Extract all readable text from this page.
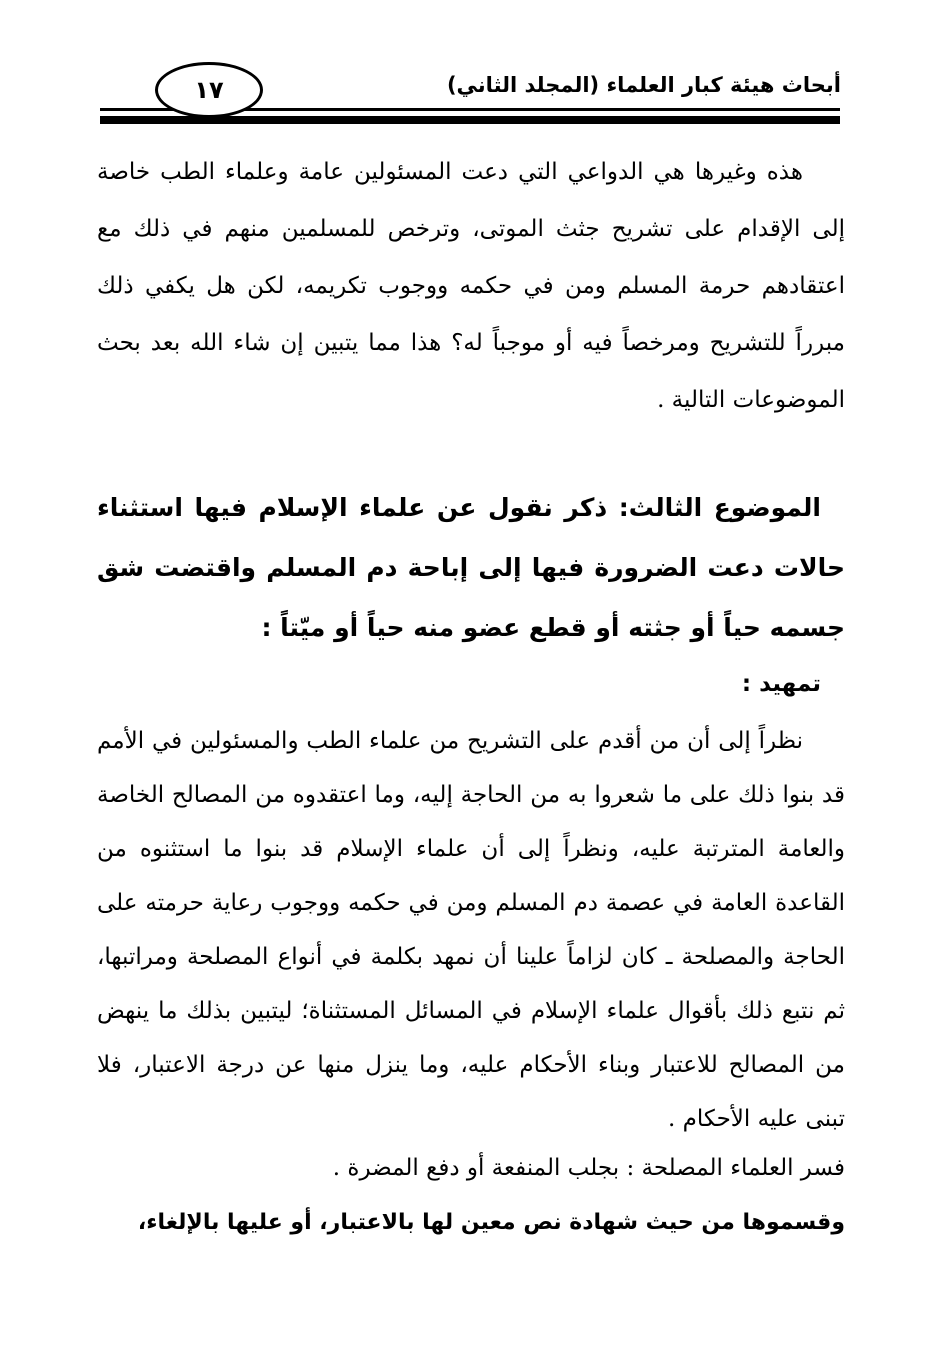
أبحاث هيئة كبار العلماء (المجلد الثاني)
١٧

هذه وغيرها هي الدواعي التي دعت المسئولين عامة وعلماء الطب خاصة إلى الإقدام على تشريح جثث الموتى، وترخص للمسلمين منهم في ذلك مع اعتقادهم حرمة المسلم ومن في حكمه ووجوب تكريمه، لكن هل يكفي ذلك مبرراً للتشريح ومرخصاً فيه أو موجباً له؟ هذا مما يتبين إن شاء الله بعد بحث الموضوعات التالية .

الموضوع الثالث: ذكر نقول عن علماء الإسلام فيها استثناء حالات دعت الضرورة فيها إلى إباحة دم المسلم واقتضت شق جسمه حياً أو جثته أو قطع عضو منه حياً أو ميّتاً :
تمهيد :

نظراً إلى أن من أقدم على التشريح من علماء الطب والمسئولين في الأمم قد بنوا ذلك على ما شعروا به من الحاجة إليه، وما اعتقدوه من المصالح الخاصة والعامة المترتبة عليه، ونظراً إلى أن علماء الإسلام قد بنوا ما استثنوه من القاعدة العامة في عصمة دم المسلم ومن في حكمه ووجوب رعاية حرمته على الحاجة والمصلحة ـ كان لزاماً علينا أن نمهد بكلمة في أنواع المصلحة ومراتبها، ثم نتبع ذلك بأقوال علماء الإسلام في المسائل المستثناة؛ ليتبين بذلك ما ينهض من المصالح للاعتبار وبناء الأحكام عليه، وما ينزل منها عن درجة الاعتبار، فلا تبنى عليه الأحكام .

فسر العلماء المصلحة : بجلب المنفعة أو دفع المضرة .
وقسموها من حيث شهادة نص معين لها بالاعتبار، أو عليها بالإلغاء،
